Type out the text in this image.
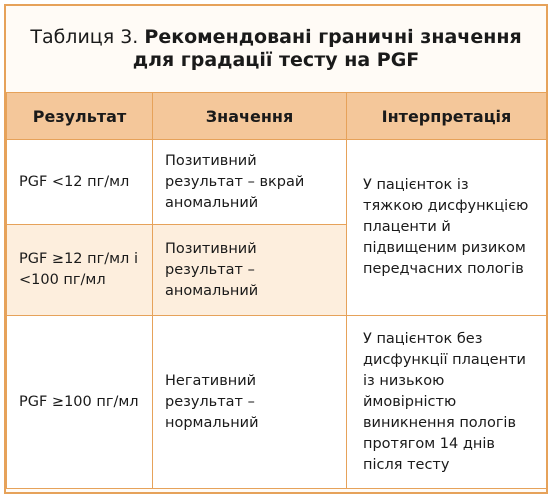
Таблиця 3. Рекомендовані граничні значення
для градації тесту на PGF
Результат	Значення	Інтерпретація

PGF <12 пг/мл	Позитивний результат – вкрай аномальний	У пацієнток із тяжкою дисфункцією плаценти й підвищеним ризиком передчасних пологів

PGF ≥12 пг/мл і <100 пг/мл	Позитивний результат – аномальний	

PGF ≥100 пг/мл	Негативний результат – нормальний	У пацієнток без дисфункції плаценти із низькою ймовірністю виникнення пологів протягом 14 днів після тесту
